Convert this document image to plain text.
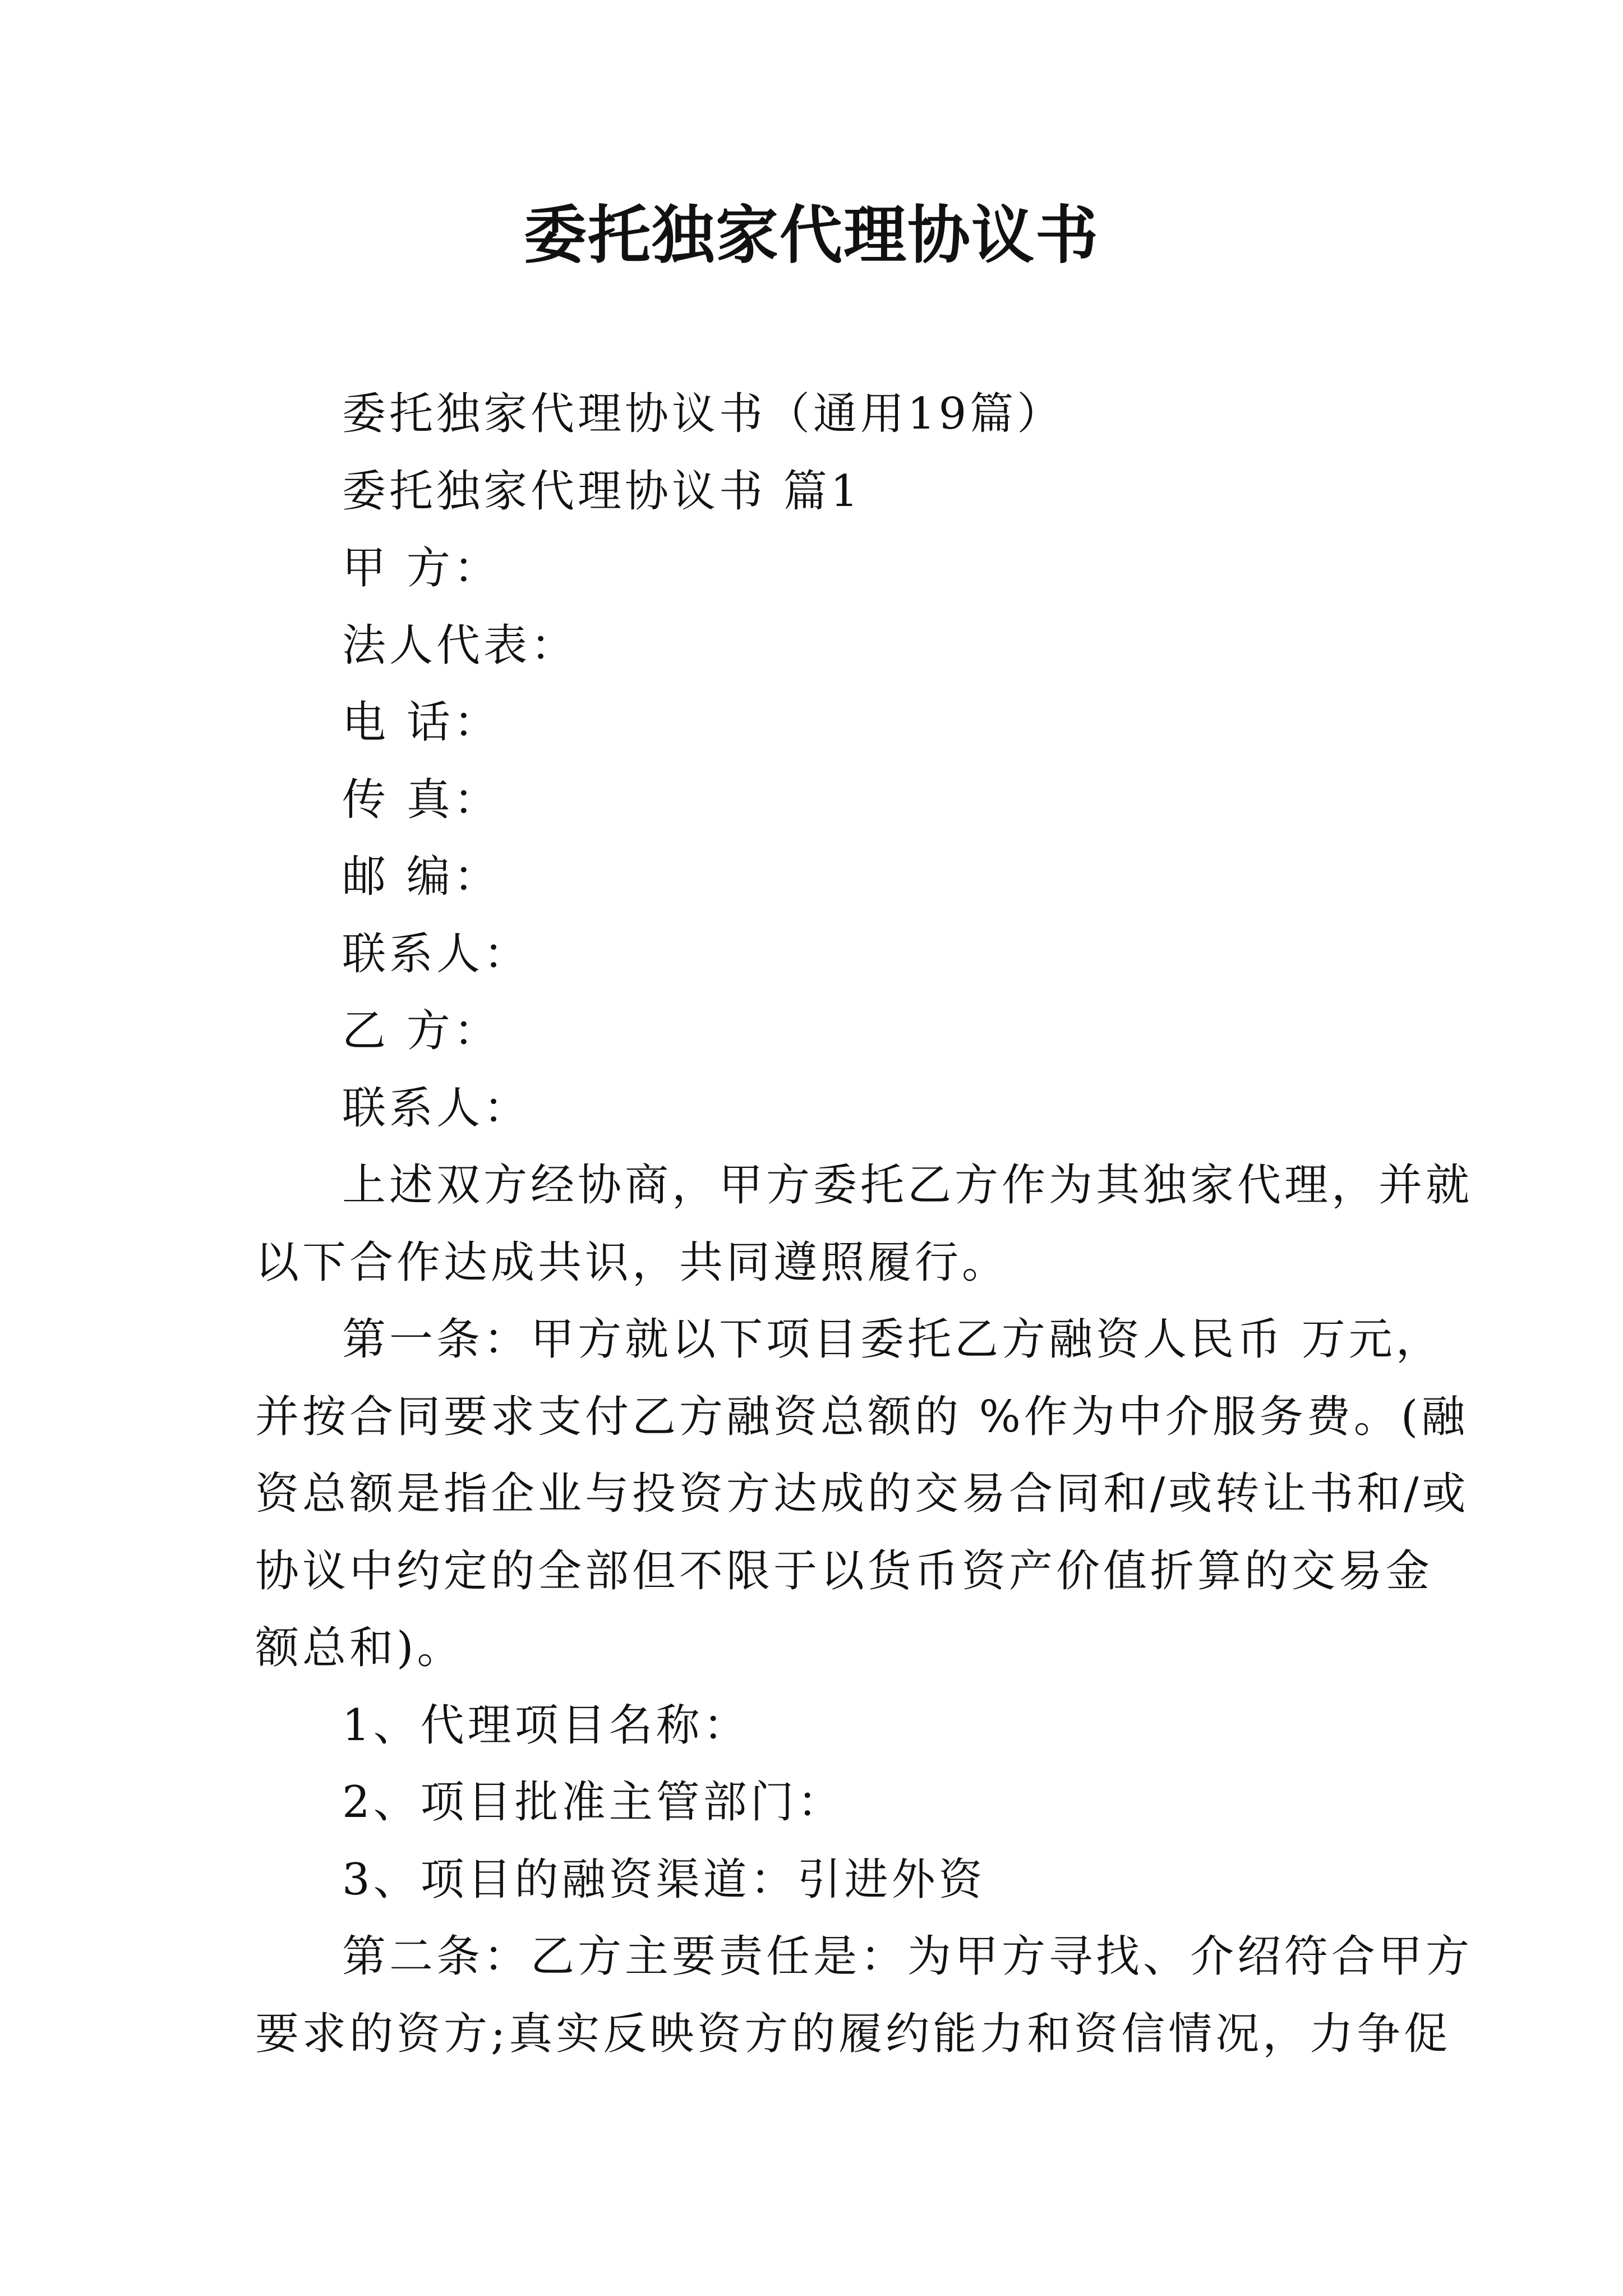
委托独家代理协议书
委托独家代理协议书（通用19篇）
委托独家代理协议书 篇1
甲 方：
法人代表：
电 话：
传 真：
邮 编：
联系人：
乙 方：
联系人：
上述双方经协商，甲方委托乙方作为其独家代理，并就
以下合作达成共识，共同遵照履行。
第一条：甲方就以下项目委托乙方融资人民币 万元，
并按合同要求支付乙方融资总额的 %作为中介服务费。(融
资总额是指企业与投资方达成的交易合同和/或转让书和/或
协议中约定的全部但不限于以货币资产价值折算的交易金
额总和)。
1、代理项目名称：
2、项目批准主管部门：
3、项目的融资渠道：引进外资
第二条：乙方主要责任是：为甲方寻找、介绍符合甲方
要求的资方;真实反映资方的履约能力和资信情况，力争促
